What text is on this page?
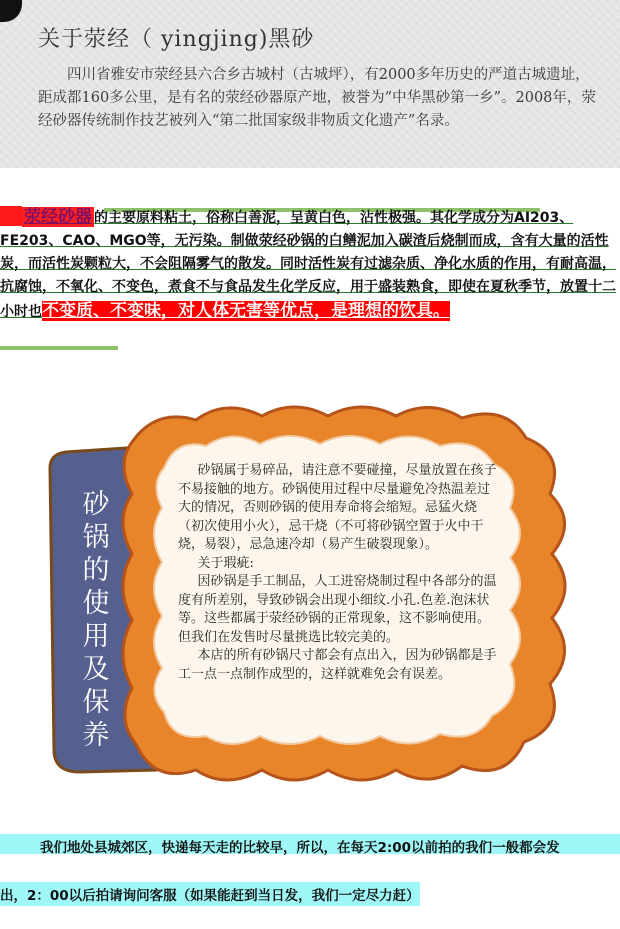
关于荥经（ yingjing)黑砂
四川省雅安市荥经县六合乡古城村（古城坪），有2000多年历史的严道古城遗址，距成都160多公里，是有名的荥经砂器原产地，被誉为“中华黑砂第一乡”。2008年，荥经砂器传统制作技艺被列入“第二批国家级非物质文化遗产”名录。
荥经砂器 的主要原料粘土，俗称白善泥，呈黄白色，沾性极强。其化学成分为AI203、FE203、CAO、MGO等，无污染。制做荥经砂锅的白鳝泥加入碳渣后烧制而成，含有大量的活性炭，而活性炭颗粒大，不会阻隔雾气的散发。同时活性炭有过滤杂质、净化水质的作用，有耐高温，抗腐蚀，不氧化、不变色，煮食不与食品发生化学反应，用于盛装熟食，即使在夏秋季节，放置十二小时也不变质、不变味，对人体无害等优点，是理想的饮具。
砂锅的使用及保养

砂锅属于易碎品，请注意不要碰撞，尽量放置在孩子不易接触的地方。砂锅使用过程中尽量避免冷热温差过大的情况，否则砂锅的使用寿命将会缩短。忌猛火烧（初次使用小火），忌干烧（不可将砂锅空置于火中干烧，易裂），忌急速冷却（易产生破裂现象）。

关于瑕疵:

因砂锅是手工制品，人工进窑烧制过程中各部分的温度有所差别，导致砂锅会出现小细纹.小孔.色差.泡沫状等。这些都属于荥经砂锅的正常现象，这不影响使用。但我们在发售时尽量挑选比较完美的。

本店的所有砂锅尺寸都会有点出入，因为砂锅都是手工一点一点制作成型的，这样就难免会有误差。

我们地处县城郊区，快递每天走的比较早，所以，在每天2:00以前拍的我们一般都会发
出，2：00以后拍请询问客服（如果能赶到当日发，我们一定尽力赶）
